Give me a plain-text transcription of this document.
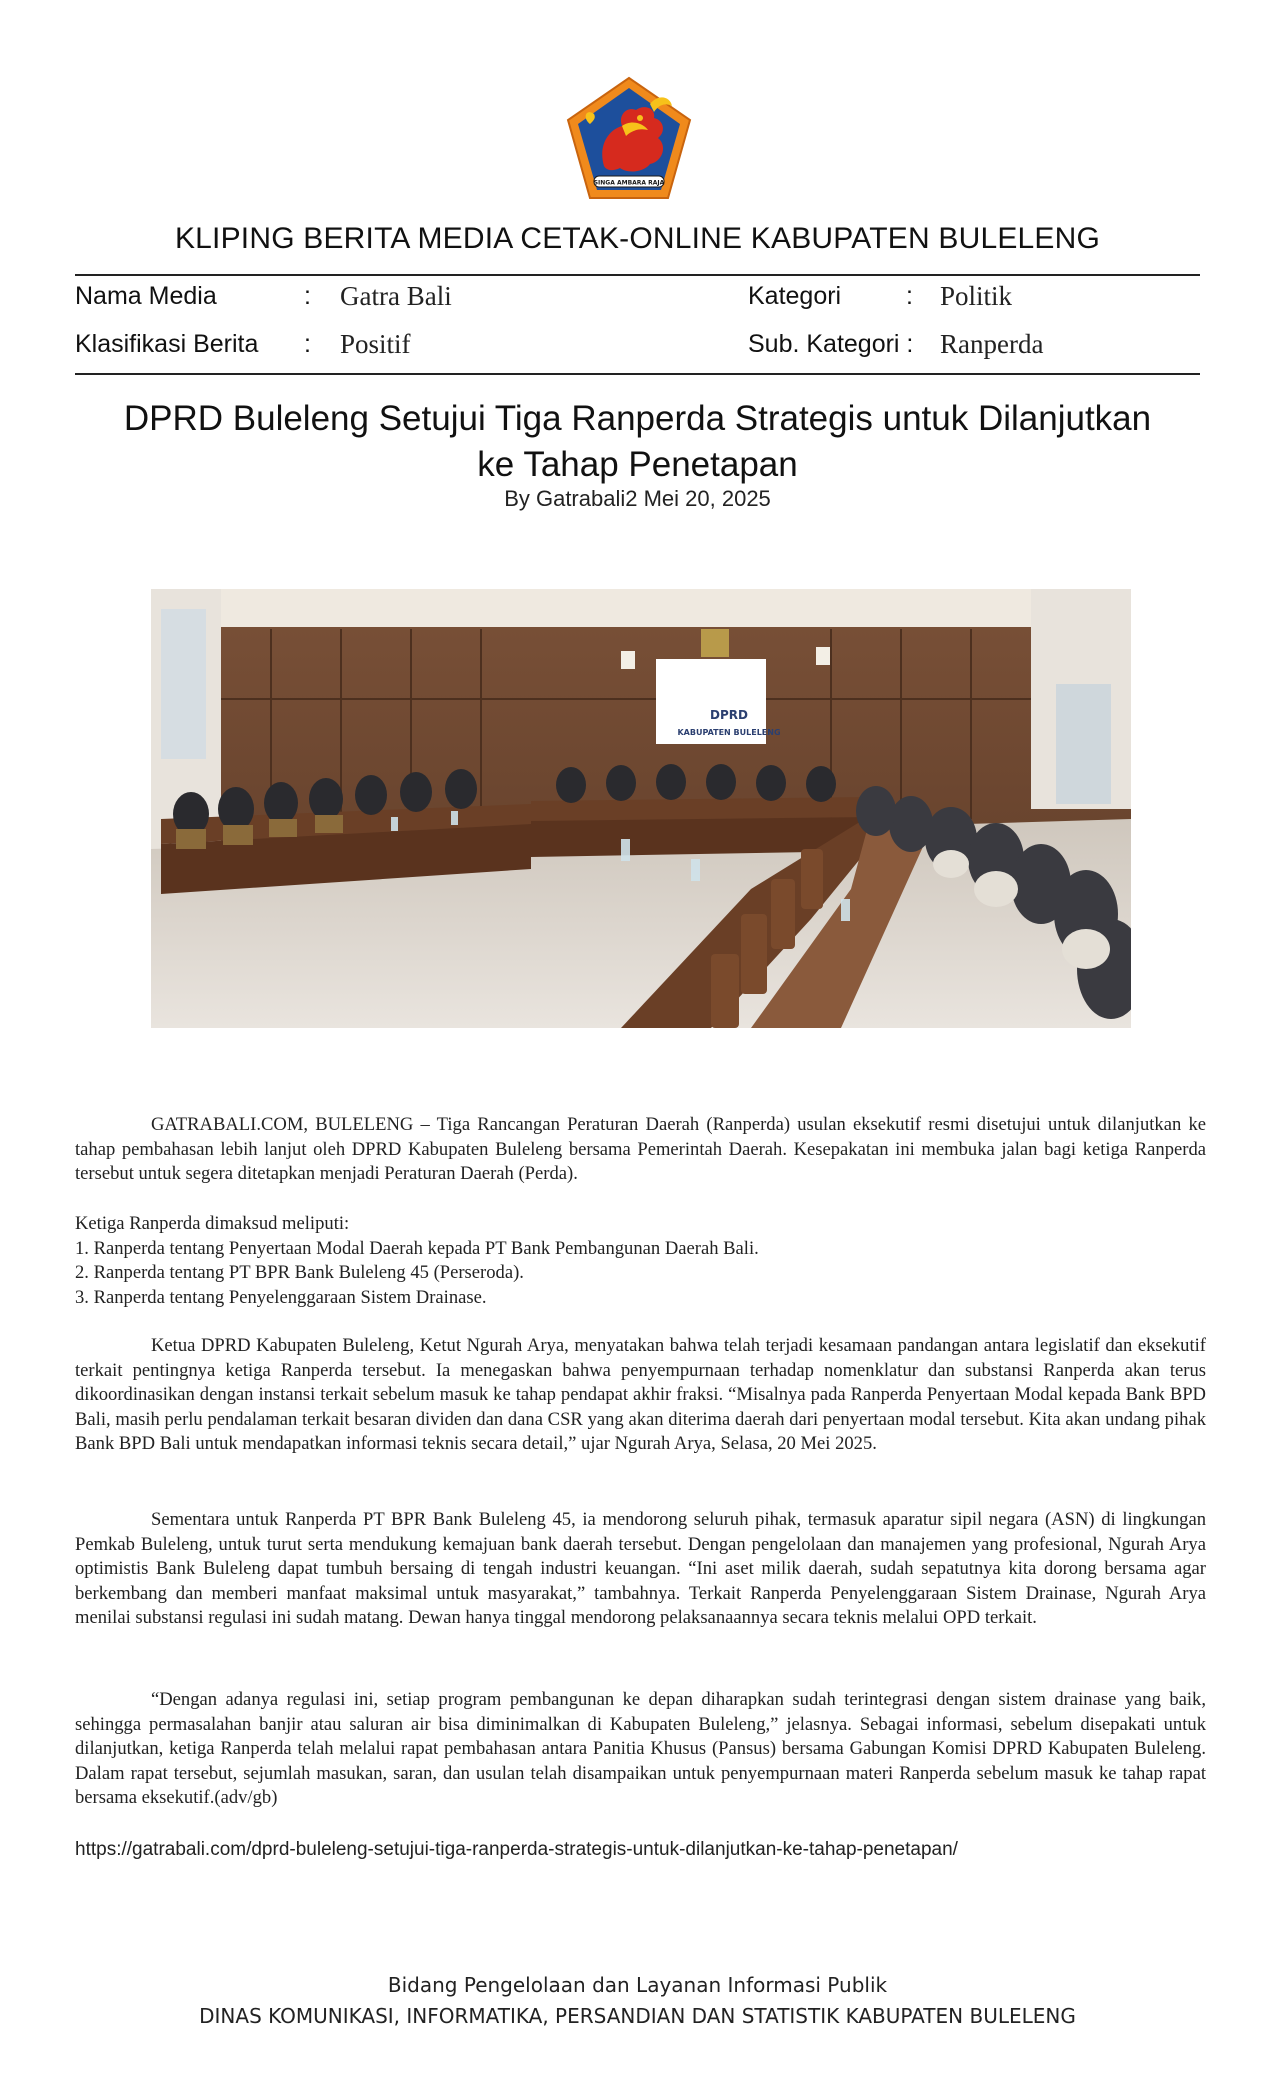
SINGA AMBARA RAJA
KLIPING BERITA MEDIA CETAK-ONLINE KABUPATEN BULELENG
Nama Media	: Gatra Bali	Kategori	: Politik
Klasifikasi Berita : Positif	Sub. Kategori : Ranperda
DPRD Buleleng Setujui Tiga Ranperda Strategis untuk Dilanjutkan
ke Tahap Penetapan
By Gatrabali2 Mei 20, 2025
DPRD
KABUPATEN BULELENG

GATRABALI.COM, BULELENG – Tiga Rancangan Peraturan Daerah (Ranperda) usulan eksekutif resmi disetujui untuk dilanjutkan ke tahap pembahasan lebih lanjut oleh DPRD Kabupaten Buleleng bersama Pemerintah Daerah. Kesepakatan ini membuka jalan bagi ketiga Ranperda tersebut untuk segera ditetapkan menjadi Peraturan Daerah (Perda).

Ketiga Ranperda dimaksud meliputi:

1. Ranperda tentang Penyertaan Modal Daerah kepada PT Bank Pembangunan Daerah Bali.

2. Ranperda tentang PT BPR Bank Buleleng 45 (Perseroda).

3. Ranperda tentang Penyelenggaraan Sistem Drainase.

Ketua DPRD Kabupaten Buleleng, Ketut Ngurah Arya, menyatakan bahwa telah terjadi kesamaan pandangan antara legislatif dan eksekutif terkait pentingnya ketiga Ranperda tersebut. Ia menegaskan bahwa penyempurnaan terhadap nomenklatur dan substansi Ranperda akan terus dikoordinasikan dengan instansi terkait sebelum masuk ke tahap pendapat akhir fraksi. “Misalnya pada Ranperda Penyertaan Modal kepada Bank BPD Bali, masih perlu pendalaman terkait besaran dividen dan dana CSR yang akan diterima daerah dari penyertaan modal tersebut. Kita akan undang pihak Bank BPD Bali untuk mendapatkan informasi teknis secara detail,” ujar Ngurah Arya, Selasa, 20 Mei 2025.

Sementara untuk Ranperda PT BPR Bank Buleleng 45, ia mendorong seluruh pihak, termasuk aparatur sipil negara (ASN) di lingkungan Pemkab Buleleng, untuk turut serta mendukung kemajuan bank daerah tersebut. Dengan pengelolaan dan manajemen yang profesional, Ngurah Arya optimistis Bank Buleleng dapat tumbuh bersaing di tengah industri keuangan. “Ini aset milik daerah, sudah sepatutnya kita dorong bersama agar berkembang dan memberi manfaat maksimal untuk masyarakat,” tambahnya. Terkait Ranperda Penyelenggaraan Sistem Drainase, Ngurah Arya menilai substansi regulasi ini sudah matang. Dewan hanya tinggal mendorong pelaksanaannya secara teknis melalui OPD terkait.

“Dengan adanya regulasi ini, setiap program pembangunan ke depan diharapkan sudah terintegrasi dengan sistem drainase yang baik, sehingga permasalahan banjir atau saluran air bisa diminimalkan di Kabupaten Buleleng,” jelasnya. Sebagai informasi, sebelum disepakati untuk dilanjutkan, ketiga Ranperda telah melalui rapat pembahasan antara Panitia Khusus (Pansus) bersama Gabungan Komisi DPRD Kabupaten Buleleng. Dalam rapat tersebut, sejumlah masukan, saran, dan usulan telah disampaikan untuk penyempurnaan materi Ranperda sebelum masuk ke tahap rapat bersama eksekutif.(adv/gb)

https://gatrabali.com/dprd-buleleng-setujui-tiga-ranperda-strategis-untuk-dilanjutkan-ke-tahap-penetapan/
Bidang Pengelolaan dan Layanan Informasi Publik
DINAS KOMUNIKASI, INFORMATIKA, PERSANDIAN DAN STATISTIK KABUPATEN BULELENG
